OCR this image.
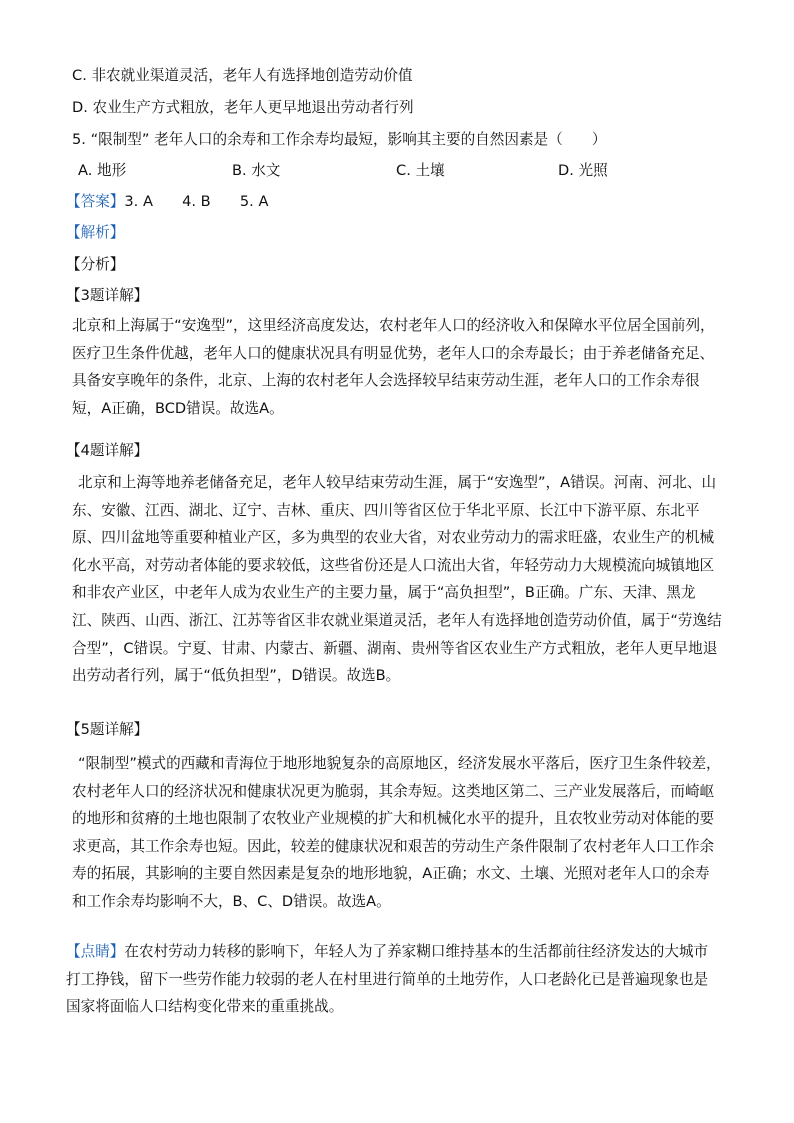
C. 非农就业渠道灵活，老年人有选择地创造劳动价值
D. 农业生产方式粗放，老年人更早地退出劳动者行列
5. “限制型” 老年人口的余寿和工作余寿均最短，影响其主要的自然因素是（　　）
A. 地形	B. 水文	C. 土壤	D. 光照
【答案】3. A　　4. B　　5. A
【解析】
【分析】
【3题详解】
北京和上海属于“安逸型”，这里经济高度发达，农村老年人口的经济收入和保障水平位居全国前列，医疗卫生条件优越，老年人口的健康状况具有明显优势，老年人口的余寿最长；由于养老储备充足、具备安享晚年的条件，北京、上海的农村老年人会选择较早结束劳动生涯，老年人口的工作余寿很短，A正确，BCD错误。故选A。
【4题详解】
北京和上海等地养老储备充足，老年人较早结束劳动生涯，属于“安逸型”，A错误。河南、河北、山东、安徽、江西、湖北、辽宁、吉林、重庆、四川等省区位于华北平原、长江中下游平原、东北平原、四川盆地等重要种植业产区，多为典型的农业大省，对农业劳动力的需求旺盛，农业生产的机械化水平高，对劳动者体能的要求较低，这些省份还是人口流出大省，年轻劳动力大规模流向城镇地区和非农产业区，中老年人成为农业生产的主要力量，属于“高负担型”，B正确。广东、天津、黑龙江、陕西、山西、浙江、江苏等省区非农就业渠道灵活，老年人有选择地创造劳动价值，属于“劳逸结合型”，C错误。宁夏、甘肃、内蒙古、新疆、湖南、贵州等省区农业生产方式粗放，老年人更早地退出劳动者行列，属于“低负担型”，D错误。故选B。
【5题详解】
“限制型”模式的西藏和青海位于地形地貌复杂的高原地区，经济发展水平落后，医疗卫生条件较差，农村老年人口的经济状况和健康状况更为脆弱，其余寿短。这类地区第二、三产业发展落后，而崎岖的地形和贫瘠的土地也限制了农牧业产业规模的扩大和机械化水平的提升，且农牧业劳动对体能的要求更高，其工作余寿也短。因此，较差的健康状况和艰苦的劳动生产条件限制了农村老年人口工作余寿的拓展，其影响的主要自然因素是复杂的地形地貌，A正确；水文、土壤、光照对老年人口的余寿和工作余寿均影响不大，B、C、D错误。故选A。
【点睛】在农村劳动力转移的影响下，年轻人为了养家糊口维持基本的生活都前往经济发达的大城市打工挣钱，留下一些劳作能力较弱的老人在村里进行简单的土地劳作，人口老龄化已是普遍现象也是国家将面临人口结构变化带来的重重挑战。
